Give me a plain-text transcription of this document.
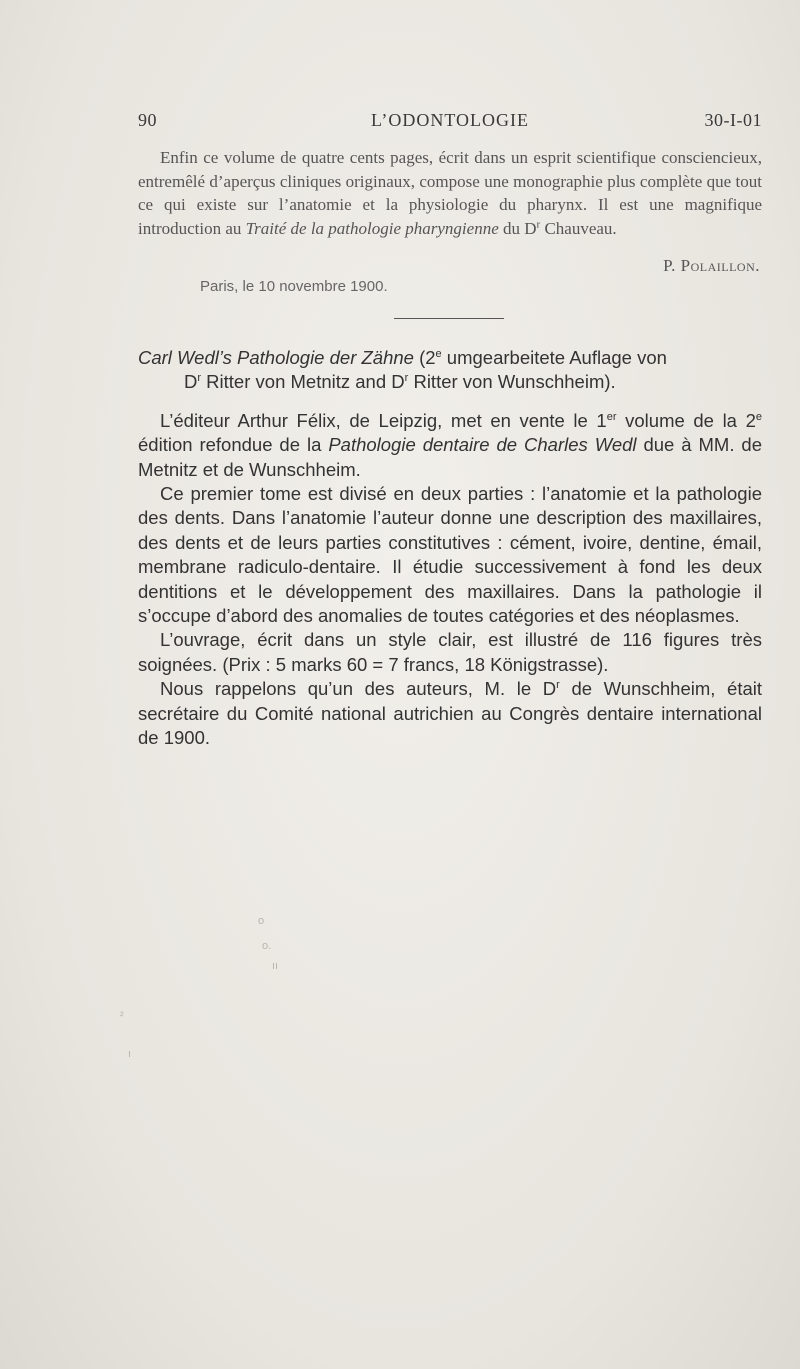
90	L’ODONTOLOGIE	30-I-01

Enfin ce volume de quatre cents pages, écrit dans un esprit scientifique consciencieux, entremêlé d’aperçus cliniques originaux, compose une monographie plus complète que tout ce qui existe sur l’anatomie et la physiologie du pharynx. Il est une magnifique introduction au Traité de la pathologie pharyngienne du $D^r$ Chauveau.

P. Polaillon.
Paris, le 10 novembre 1900.

Carl Wedl’s Pathologie der Zähne (2e umgearbeitete Auflage von

$D^r$ Ritter von Metnitz and $D^r$ Ritter von Wunschheim).

L’éditeur Arthur Félix, de Leipzig, met en vente le 1er volume de la 2e édition refondue de la Pathologie dentaire de Charles Wedl due à MM. de Metnitz et de Wunschheim.

Ce premier tome est divisé en deux parties : l’anatomie et la pathologie des dents. Dans l’anatomie l’auteur donne une description des maxillaires, des dents et de leurs parties constitutives : cément, ivoire, dentine, émail, membrane radiculo-dentaire. Il étudie successivement à fond les deux dentitions et le développement des maxillaires. Dans la pathologie il s’occupe d’abord des anomalies de toutes catégories et des néoplasmes.

L’ouvrage, écrit dans un style clair, est illustré de 116 figures très soignées. (Prix : 5 marks 60 = 7 francs, 18 Königstrasse).

Nous rappelons qu’un des auteurs, M. le $D^r$ de Wunschheim, était secrétaire du Comité national autrichien au Congrès dentaire international de 1900.

o
o.
ıı
²
ı
